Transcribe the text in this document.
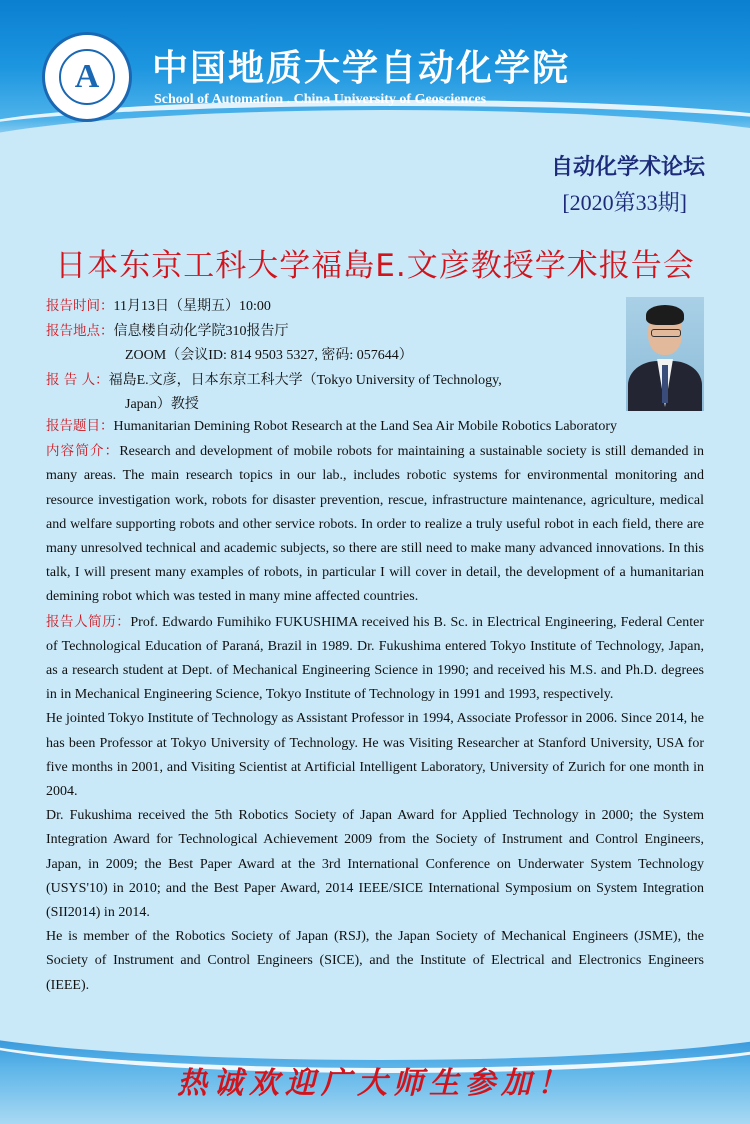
A 中国地质大学自动化学院
School of Automation . China University of Geosciences
自动化学术论坛
[2020第33期]
日本东京工科大学福島E.文彦教授学术报告会
报告时间：11月13日（星期五）10:00
报告地点：信息楼自动化学院310报告厅
ZOOM（会议ID: 814 9503 5327, 密码: 057644）
报 告 人：福島E.文彦，日本东京工科大学（Tokyo University of Technology,
Japan）教授

报告题目：Humanitarian Demining Robot Research at the Land Sea Air Mobile Robotics Laboratory

内容简介：Research and development of mobile robots for maintaining a sustainable society is still demanded in many areas. The main research topics in our lab., includes robotic systems for environmental monitoring and resource investigation work, robots for disaster prevention, rescue, infrastructure maintenance, agriculture, medical and welfare supporting robots and other service robots. In order to realize a truly useful robot in each field, there are many unresolved technical and academic subjects, so there are still need to make many advanced innovations. In this talk, I will present many examples of robots, in particular I will cover in detail, the development of a humanitarian demining robot which was tested in many mine affected countries.

报告人简历：Prof. Edwardo Fumihiko FUKUSHIMA received his B. Sc. in Electrical Engineering, Federal Center of Technological Education of Paraná, Brazil in 1989. Dr. Fukushima entered Tokyo Institute of Technology, Japan, as a research student at Dept. of Mechanical Engineering Science in 1990; and received his M.S. and Ph.D. degrees in in Mechanical Engineering Science, Tokyo Institute of Technology in 1991 and 1993, respectively.

He jointed Tokyo Institute of Technology as Assistant Professor in 1994, Associate Professor in 2006. Since 2014, he has been Professor at Tokyo University of Technology. He was Visiting Researcher at Stanford University, USA for five months in 2001, and Visiting Scientist at Artificial Intelligent Laboratory, University of Zurich for one month in 2004.

Dr. Fukushima received the 5th Robotics Society of Japan Award for Applied Technology in 2000; the System Integration Award for Technological Achievement 2009 from the Society of Instrument and Control Engineers, Japan, in 2009; the Best Paper Award at the 3rd International Conference on Underwater System Technology (USYS'10) in 2010; and the Best Paper Award, 2014 IEEE/SICE International Symposium on System Integration (SII2014) in 2014.

He is member of the Robotics Society of Japan (RSJ), the Japan Society of Mechanical Engineers (JSME), the Society of Instrument and Control Engineers (SICE), and the Institute of Electrical and Electronics Engineers (IEEE).

热诚欢迎广大师生参加！
